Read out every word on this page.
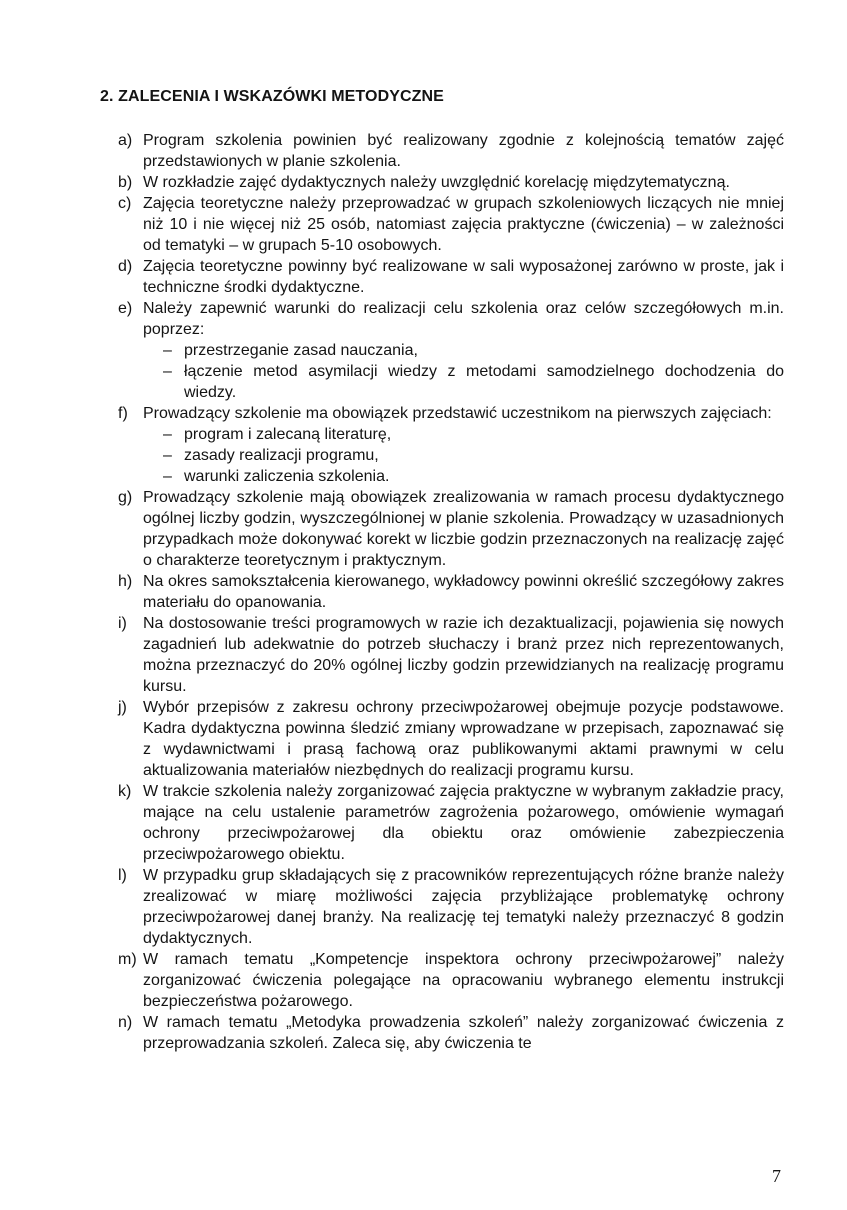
2. ZALECENIA I WSKAZÓWKI METODYCZNE
a) Program szkolenia powinien być realizowany zgodnie z kolejnością tematów zajęć przedstawionych w planie szkolenia.
b) W rozkładzie zajęć dydaktycznych należy uwzględnić korelację międzytematyczną.
c) Zajęcia teoretyczne należy przeprowadzać w grupach szkoleniowych liczących nie mniej niż 10 i nie więcej niż 25 osób, natomiast zajęcia praktyczne (ćwiczenia) – w zależności od tematyki – w grupach 5-10 osobowych.
d) Zajęcia teoretyczne powinny być realizowane w sali wyposażonej zarówno w proste, jak i techniczne środki dydaktyczne.
e) Należy zapewnić warunki do realizacji celu szkolenia oraz celów szczegółowych m.in. poprzez:
– przestrzeganie zasad nauczania,
– łączenie metod asymilacji wiedzy z metodami samodzielnego dochodzenia do wiedzy.
f) Prowadzący szkolenie ma obowiązek przedstawić uczestnikom na pierwszych zajęciach:
– program i zalecaną literaturę,
– zasady realizacji programu,
– warunki zaliczenia szkolenia.
g) Prowadzący szkolenie mają obowiązek zrealizowania w ramach procesu dydaktycznego ogólnej liczby godzin, wyszczególnionej w planie szkolenia. Prowadzący w uzasadnionych przypadkach może dokonywać korekt w liczbie godzin przeznaczonych na realizację zajęć o charakterze teoretycznym i praktycznym.
h) Na okres samokształcenia kierowanego, wykładowcy powinni określić szczegółowy zakres materiału do opanowania.
i)	Na dostosowanie treści programowych w razie ich dezaktualizacji, pojawienia się nowych zagadnień lub adekwatnie do potrzeb słuchaczy i branż przez nich reprezentowanych, można przeznaczyć do 20% ogólnej liczby godzin przewidzianych na realizację programu kursu.
j)	Wybór przepisów z zakresu ochrony przeciwpożarowej obejmuje pozycje podstawowe. Kadra dydaktyczna powinna śledzić zmiany wprowadzane w przepisach, zapoznawać się z wydawnictwami i prasą fachową oraz publikowanymi aktami prawnymi w celu aktualizowania materiałów niezbędnych do realizacji programu kursu.
k) W trakcie szkolenia należy zorganizować zajęcia praktyczne w wybranym zakładzie pracy, mające na celu ustalenie parametrów zagrożenia pożarowego, omówienie wymagań ochrony przeciwpożarowej dla obiektu oraz omówienie zabezpieczenia przeciwpożarowego obiektu.
l)	W przypadku grup składających się z pracowników reprezentujących różne branże należy zrealizować w miarę możliwości zajęcia przybliżające problematykę ochrony przeciwpożarowej danej branży. Na realizację tej tematyki należy przeznaczyć 8 godzin dydaktycznych.
m) W ramach tematu „Kompetencje inspektora ochrony przeciwpożarowej” należy zorganizować ćwiczenia polegające na opracowaniu wybranego elementu instrukcji bezpieczeństwa pożarowego.
n) W ramach tematu „Metodyka prowadzenia szkoleń” należy zorganizować ćwiczenia z przeprowadzania szkoleń. Zaleca się, aby ćwiczenia te
7
